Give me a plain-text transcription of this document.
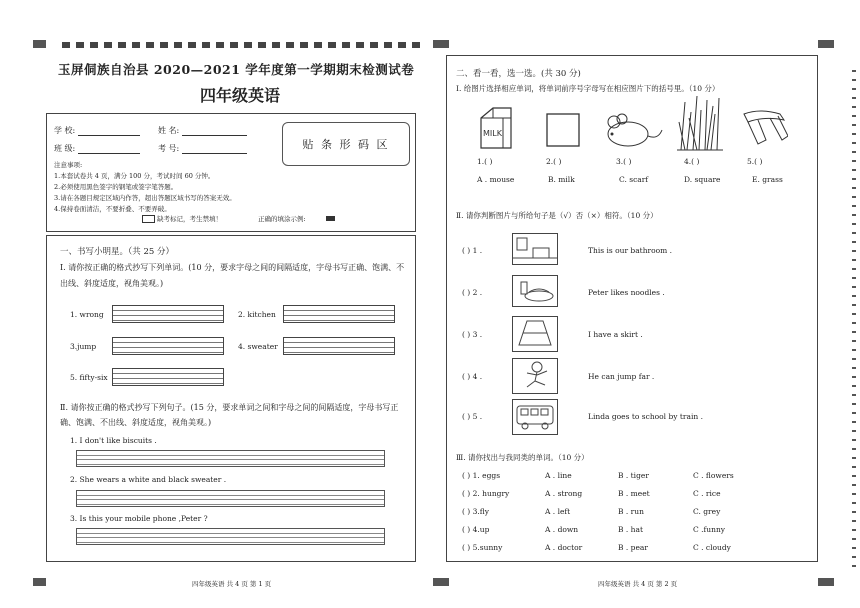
玉屏侗族自治县 2020—2021 学年度第一学期期末检测试卷
四年级英语
学 校:	姓 名:
班 级:	考 号:	贴 条 形 码 区
注意事项:
1.本套试卷共 4 页，满分 100 分，考试时间 60 分钟。
2.必须使用黑色签字的钢笔或签字笔答题。
3.请在各题目规定区域内作答，超出答题区域书写的答案无效。
4.保持卷面清洁，不要折叠、不要弄破。
缺考标记，考生禁填！	正确的填涂示例:
一、书写小明星。（共 25 分）
Ⅰ. 请你按正确的格式抄写下列单词。(10 分，要求字母之间的间隔适度，字母书写正确、饱满、不出线、斜度适度，视角美观。)
1. wrong	2. kitchen
3.jump	4. sweater
5. fifty-six
Ⅱ. 请你按正确的格式抄写下列句子。(15 分，要求单词之间和字母之间的间隔适度，字母书写正确、饱满、不出线、斜度适度，视角美观。)
1. I don't like biscuits .
2. She wears a white and black sweater .
3. Is this your mobile phone ,Peter ?
四年级英语 共 4 页 第 1 页
二、看一看，选一选。(共 30 分)
Ⅰ. 给图片选择相应单词，将单词前序号字母写在相应图片下的括号里。（10 分）
MILK
1.( )	2.( )	3.( )	4.( )	5.( )
A . mouse	B. milk	C. scarf	D. square	E. grass
Ⅱ. 请你判断图片与所给句子是（√）否（×）相符。（10 分）
( ) 1 .	This is our bathroom .
( ) 2 .	Peter likes noodles .
( ) 3 .	I have a skirt .
( ) 4 .	He can jump far .
( ) 5 .	Linda goes to school by train .
Ⅲ. 请你找出与我同类的单词。（10 分）
( ) 1. eggs	A . line	B . tiger	C . flowers
( ) 2. hungry	A . strong	B . meet	C . rice
( ) 3.fly	A . left	B . run	C. grey
( ) 4.up	A . down	B . hat	C .funny
( ) 5.sunny	A . doctor	B . pear	C . cloudy
四年级英语 共 4 页 第 2 页
